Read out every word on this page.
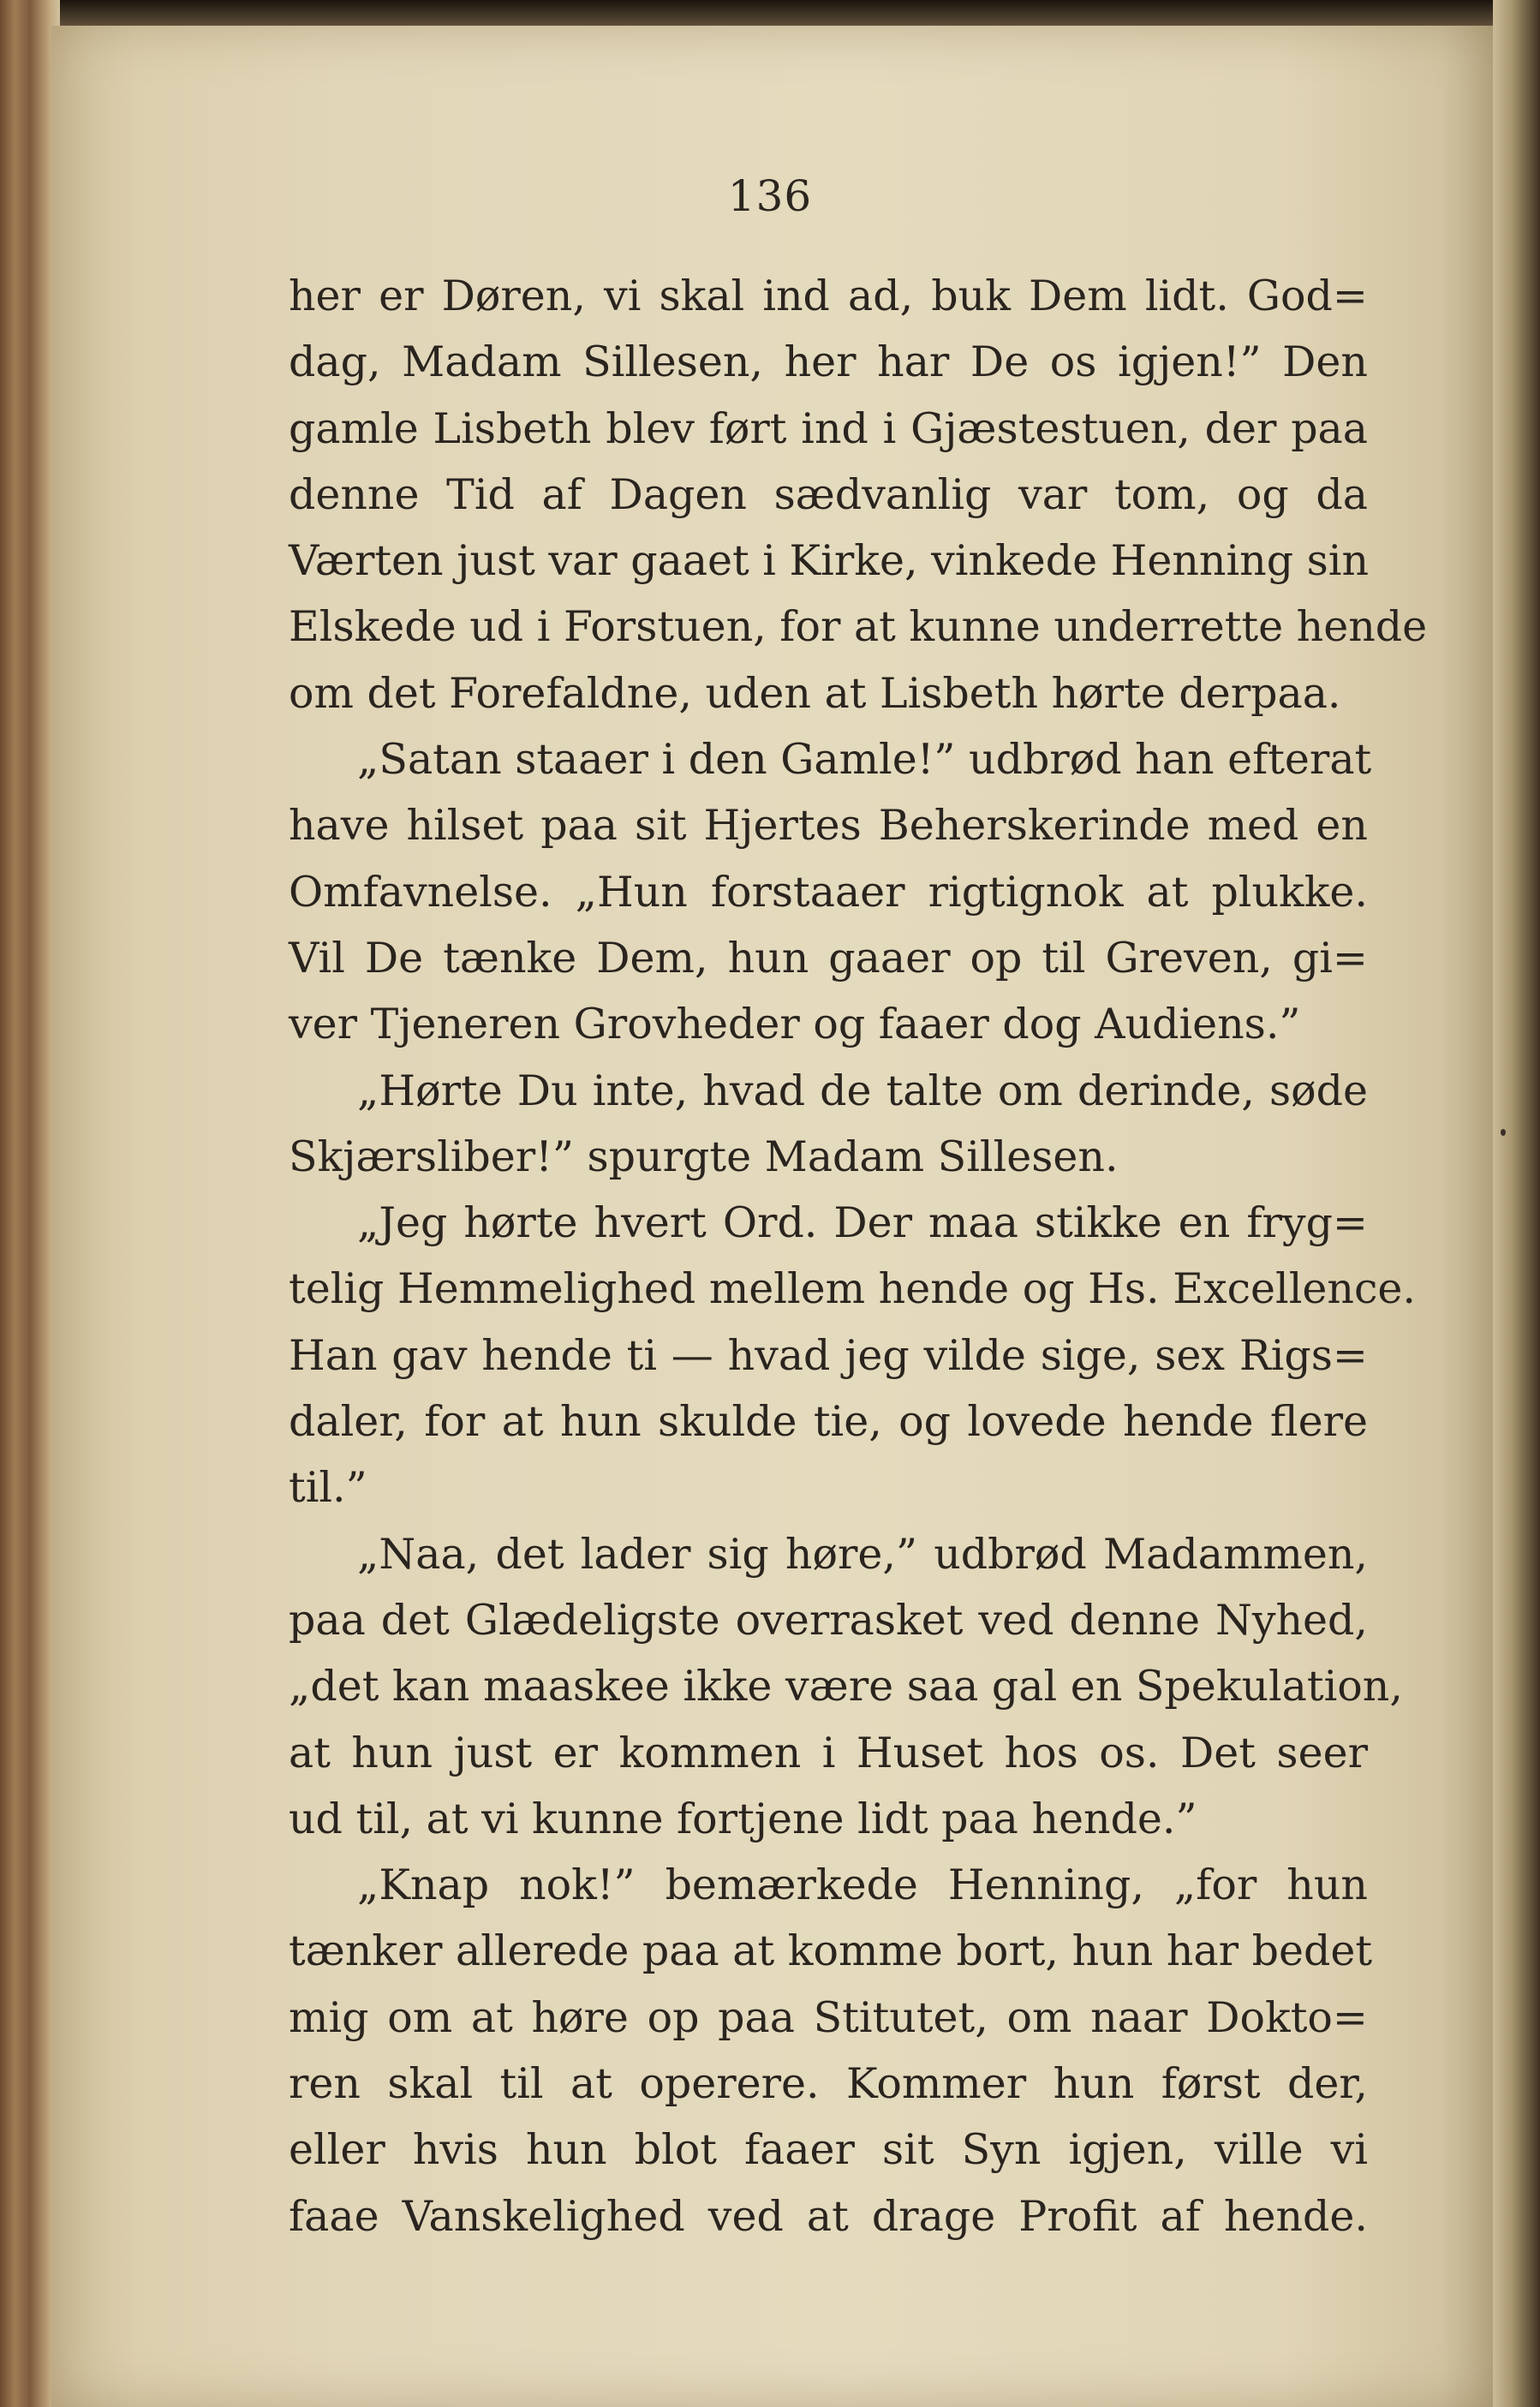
136
her er Døren, vi skal ind ad, buk Dem lidt. God=
dag, Madam Sillesen, her har De os igjen!” Den
gamle Lisbeth blev ført ind i Gjæstestuen, der paa
denne Tid af Dagen sædvanlig var tom, og da
Værten just var gaaet i Kirke, vinkede Henning sin
Elskede ud i Forstuen, for at kunne underrette hende
om det Forefaldne, uden at Lisbeth hørte derpaa.
„Satan staaer i den Gamle!” udbrød han efterat
have hilset paa sit Hjertes Beherskerinde med en
Omfavnelse. „Hun forstaaer rigtignok at plukke.
Vil De tænke Dem, hun gaaer op til Greven, gi=
ver Tjeneren Grovheder og faaer dog Audiens.”
„Hørte Du inte, hvad de talte om derinde, søde
Skjærsliber!” spurgte Madam Sillesen.
„Jeg hørte hvert Ord. Der maa stikke en fryg=
telig Hemmelighed mellem hende og Hs. Excellence.
Han gav hende ti — hvad jeg vilde sige, sex Rigs=
daler, for at hun skulde tie, og lovede hende flere
til.”
„Naa, det lader sig høre,” udbrød Madammen,
paa det Glædeligste overrasket ved denne Nyhed,
„det kan maaskee ikke være saa gal en Spekulation,
at hun just er kommen i Huset hos os. Det seer
ud til, at vi kunne fortjene lidt paa hende.”
„Knap nok!” bemærkede Henning, „for hun
tænker allerede paa at komme bort, hun har bedet
mig om at høre op paa Stitutet, om naar Dokto=
ren skal til at operere. Kommer hun først der,
eller hvis hun blot faaer sit Syn igjen, ville vi
faae Vanskelighed ved at drage Profit af hende.
